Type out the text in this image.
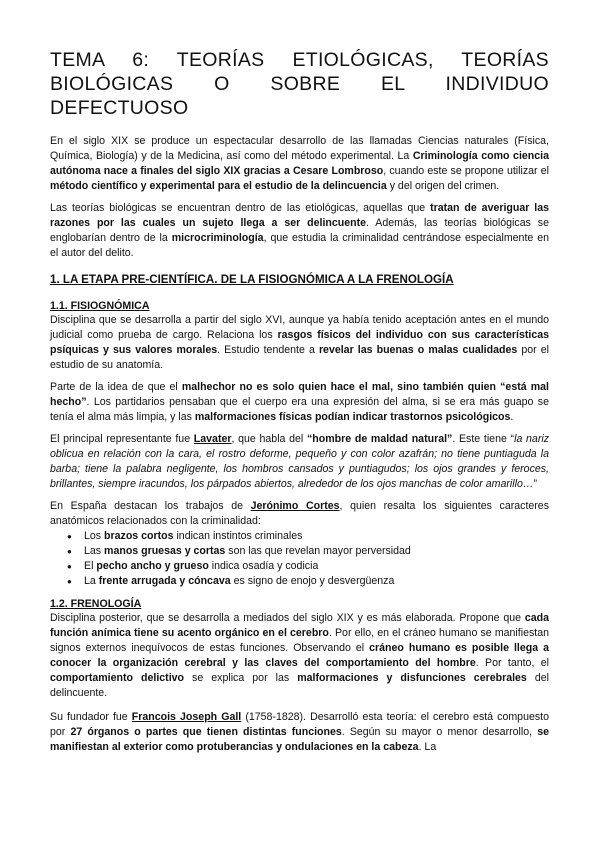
TEMA 6: TEORÍAS ETIOLÓGICAS, TEORÍAS
BIOLÓGICAS O SOBRE EL INDIVIDUO
DEFECTUOSO

En el siglo XIX se produce un espectacular desarrollo de las llamadas Ciencias naturales (Física, Química, Biología) y de la Medicina, así como del método experimental. La Criminología como ciencia autónoma nace a finales del siglo XIX gracias a Cesare Lombroso, cuando este se propone utilizar el método científico y experimental para el estudio de la delincuencia y del origen del crimen.

Las teorías biológicas se encuentran dentro de las etiológicas, aquellas que tratan de averiguar las razones por las cuales un sujeto llega a ser delincuente. Además, las teorías biológicas se englobarían dentro de la microcriminología, que estudia la criminalidad centrándose especialmente en el autor del delito.

1. LA ETAPA PRE-CIENTÍFICA. DE LA FISIOGNÓMICA A LA FRENOLOGÍA
1.1. FISIOGNÓMICA

Disciplina que se desarrolla a partir del siglo XVI, aunque ya había tenido aceptación antes en el mundo judicial como prueba de cargo. Relaciona los rasgos físicos del individuo con sus características psíquicas y sus valores morales. Estudio tendente a revelar las buenas o malas cualidades por el estudio de su anatomía.

Parte de la idea de que el malhechor no es solo quien hace el mal, sino también quien “está mal hecho”. Los partidarios pensaban que el cuerpo era una expresión del alma, si se era más guapo se tenía el alma más limpia, y las malformaciones físicas podían indicar trastornos psicológicos.

El principal representante fue Lavater, que habla del “hombre de maldad natural”. Este tiene “la nariz oblicua en relación con la cara, el rostro deforme, pequeño y con color azafrán; no tiene puntiaguda la barba; tiene la palabra negligente, los hombros cansados y puntiagudos; los ojos grandes y feroces, brillantes, siempre iracundos, los párpados abiertos, alrededor de los ojos manchas de color amarillo…”

En España destacan los trabajos de Jerónimo Cortes, quien resalta los siguientes caracteres anatómicos relacionados con la criminalidad:

● Los brazos cortos indican instintos criminales
● Las manos gruesas y cortas son las que revelan mayor perversidad
● El pecho ancho y grueso indica osadía y codicia
● La frente arrugada y cóncava es signo de enojo y desvergüenza
1.2. FRENOLOGÍA

Disciplina posterior, que se desarrolla a mediados del siglo XIX y es más elaborada. Propone que cada función anímica tiene su acento orgánico en el cerebro. Por ello, en el cráneo humano se manifiestan signos externos inequívocos de estas funciones. Observando el cráneo humano es posible llega a conocer la organización cerebral y las claves del comportamiento del hombre. Por tanto, el comportamiento delictivo se explica por las malformaciones y disfunciones cerebrales del delincuente.

Su fundador fue Francois Joseph Gall (1758-1828). Desarrolló esta teoría: el cerebro está compuesto por 27 órganos o partes que tienen distintas funciones. Según su mayor o menor desarrollo, se manifiestan al exterior como protuberancias y ondulaciones en la cabeza. La
